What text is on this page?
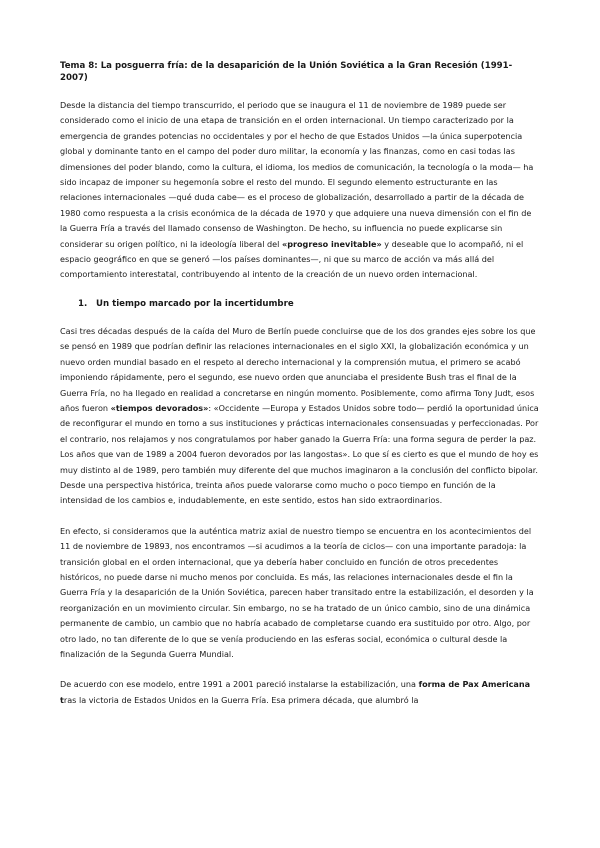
Tema 8: La posguerra fría: de la desaparición de la Unión Soviética a la Gran Recesión (1991-2007)

Desde la distancia del tiempo transcurrido, el periodo que se inaugura el 11 de noviembre de 1989 puede ser considerado como el inicio de una etapa de transición en el orden internacional. Un tiempo caracterizado por la emergencia de grandes potencias no occidentales y por el hecho de que Estados Unidos —la única superpotencia global y dominante tanto en el campo del poder duro militar, la economía y las finanzas, como en casi todas las dimensiones del poder blando, como la cultura, el idioma, los medios de comunicación, la tecnología o la moda— ha sido incapaz de imponer su hegemonía sobre el resto del mundo. El segundo elemento estructurante en las relaciones internacionales —qué duda cabe— es el proceso de globalización, desarrollado a partir de la década de 1980 como respuesta a la crisis económica de la década de 1970 y que adquiere una nueva dimensión con el fin de la Guerra Fría a través del llamado consenso de Washington. De hecho, su influencia no puede explicarse sin considerar su origen político, ni la ideología liberal del «progreso inevitable» y deseable que lo acompañó, ni el espacio geográfico en que se generó —los países dominantes—, ni que su marco de acción va más allá del comportamiento interestatal, contribuyendo al intento de la creación de un nuevo orden internacional.

1. Un tiempo marcado por la incertidumbre

Casi tres décadas después de la caída del Muro de Berlín puede concluirse que de los dos grandes ejes sobre los que se pensó en 1989 que podrían definir las relaciones internacionales en el siglo XXI, la globalización económica y un nuevo orden mundial basado en el respeto al derecho internacional y la comprensión mutua, el primero se acabó imponiendo rápidamente, pero el segundo, ese nuevo orden que anunciaba el presidente Bush tras el final de la Guerra Fría, no ha llegado en realidad a concretarse en ningún momento. Posiblemente, como afirma Tony Judt, esos años fueron «tiempos devorados»: «Occidente —Europa y Estados Unidos sobre todo— perdió la oportunidad única de reconfigurar el mundo en torno a sus instituciones y prácticas internacionales consensuadas y perfeccionadas. Por el contrario, nos relajamos y nos congratulamos por haber ganado la Guerra Fría: una forma segura de perder la paz. Los años que van de 1989 a 2004 fueron devorados por las langostas». Lo que sí es cierto es que el mundo de hoy es muy distinto al de 1989, pero también muy diferente del que muchos imaginaron a la conclusión del conflicto bipolar. Desde una perspectiva histórica, treinta años puede valorarse como mucho o poco tiempo en función de la intensidad de los cambios e, indudablemente, en este sentido, estos han sido extraordinarios.

En efecto, si consideramos que la auténtica matriz axial de nuestro tiempo se encuentra en los acontecimientos del 11 de noviembre de 19893, nos encontramos —si acudimos a la teoría de ciclos— con una importante paradoja: la transición global en el orden internacional, que ya debería haber concluido en función de otros precedentes históricos, no puede darse ni mucho menos por concluida. Es más, las relaciones internacionales desde el fin la Guerra Fría y la desaparición de la Unión Soviética, parecen haber transitado entre la estabilización, el desorden y la reorganización en un movimiento circular. Sin embargo, no se ha tratado de un único cambio, sino de una dinámica permanente de cambio, un cambio que no habría acabado de completarse cuando era sustituido por otro. Algo, por otro lado, no tan diferente de lo que se venía produciendo en las esferas social, económica o cultural desde la finalización de la Segunda Guerra Mundial.

De acuerdo con ese modelo, entre 1991 a 2001 pareció instalarse la estabilización, una forma de Pax Americana tras la victoria de Estados Unidos en la Guerra Fría. Esa primera década, que alumbró la
